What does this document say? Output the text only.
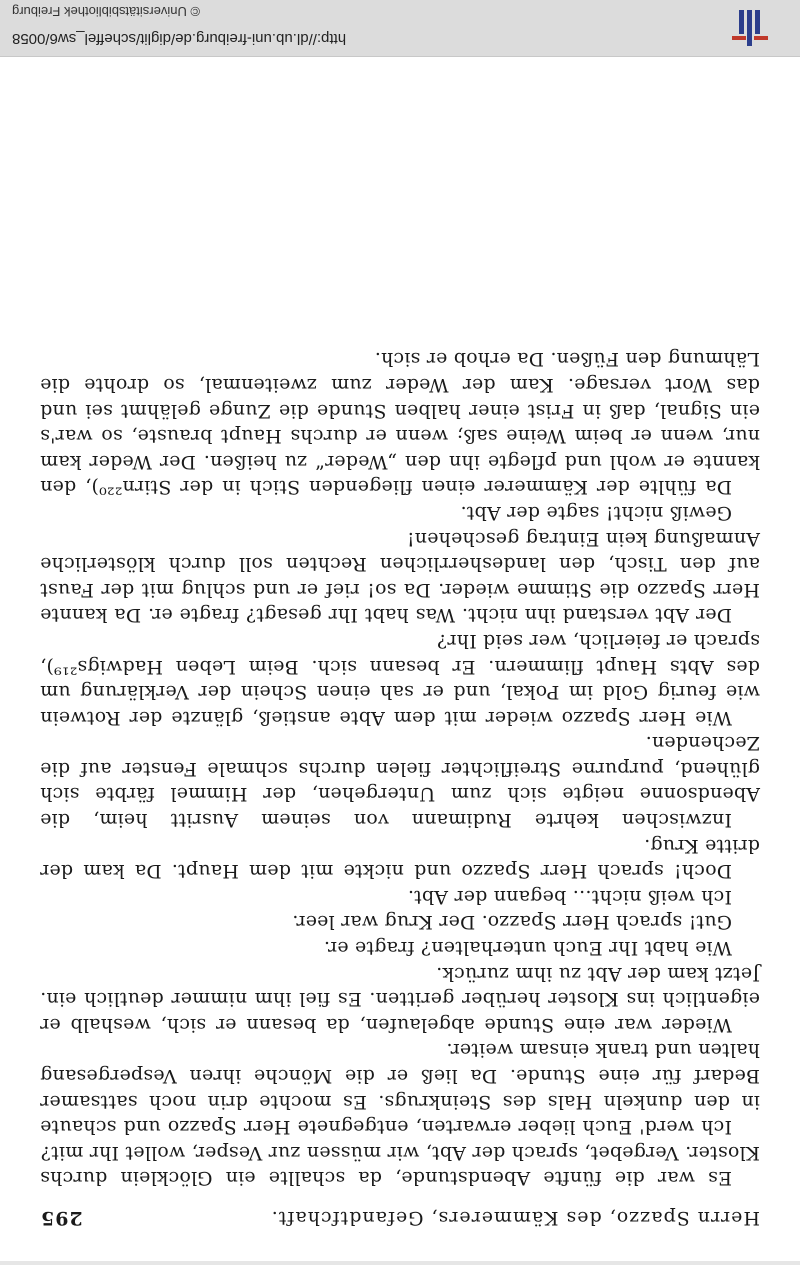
© Universitätsbibliothek Freiburg
http://dl.ub.uni-freiburg.de/diglit/scheffel_sw6/0058
Herrn Spazzo, des Kämmerers, Gefandtfchaft.
295

Es war die fünfte Abendstunde, da schallte ein Glöcklein durchs Kloster. Vergebet, sprach der Abt, wir müssen zur Vesper, wollet Ihr mit?

Ich werd' Euch lieber erwarten, entgegnete Herr Spazzo und schaute in den dunkeln Hals des Steinkrugs. Es mochte drin noch sattsamer Bedarf für eine Stunde. Da ließ er die Mönche ihren Vespergesang halten und trank einsam weiter.

Wieder war eine Stunde abgelaufen, da besann er sich, weshalb er eigentlich ins Kloster herüber geritten. Es fiel ihm nimmer deutlich ein. Jetzt kam der Abt zu ihm zurück.

Wie habt Ihr Euch unterhalten? fragte er.

Gut! sprach Herr Spazzo. Der Krug war leer.

Ich weiß nicht… begann der Abt.

Doch! sprach Herr Spazzo und nickte mit dem Haupt. Da kam der dritte Krug.

Inzwischen kehrte Rudimann von seinem Ausritt heim, die Abendsonne neigte sich zum Untergehen, der Himmel färbte sich glühend, purpurne Streiflichter fielen durchs schmale Fenster auf die Zechenden.

Wie Herr Spazzo wieder mit dem Abte anstieß, glänzte der Rotwein wie feurig Gold im Pokal, und er sah einen Schein der Verklärung um des Abts Haupt flimmern. Er besann sich. Beim Leben Hadwigs²¹⁹), sprach er feierlich, wer seid Ihr?

Der Abt verstand ihn nicht. Was habt Ihr gesagt? fragte er. Da kannte Herr Spazzo die Stimme wieder. Da so! rief er und schlug mit der Faust auf den Tisch, den landesherrlichen Rechten soll durch klösterliche Anmaßung kein Eintrag geschehen!

Gewiß nicht! sagte der Abt.

Da fühlte der Kämmerer einen fliegenden Stich in der Stirn²²⁰), den kannte er wohl und pflegte ihn den „Weder“ zu heißen. Der Weder kam nur, wenn er beim Weine saß; wenn er durchs Haupt brauste, so war's ein Signal, daß in Frist einer halben Stunde die Zunge gelähmt sei und das Wort versage. Kam der Weder zum zweitenmal, so drohte die Lähmung den Füßen. Da erhob er sich.
